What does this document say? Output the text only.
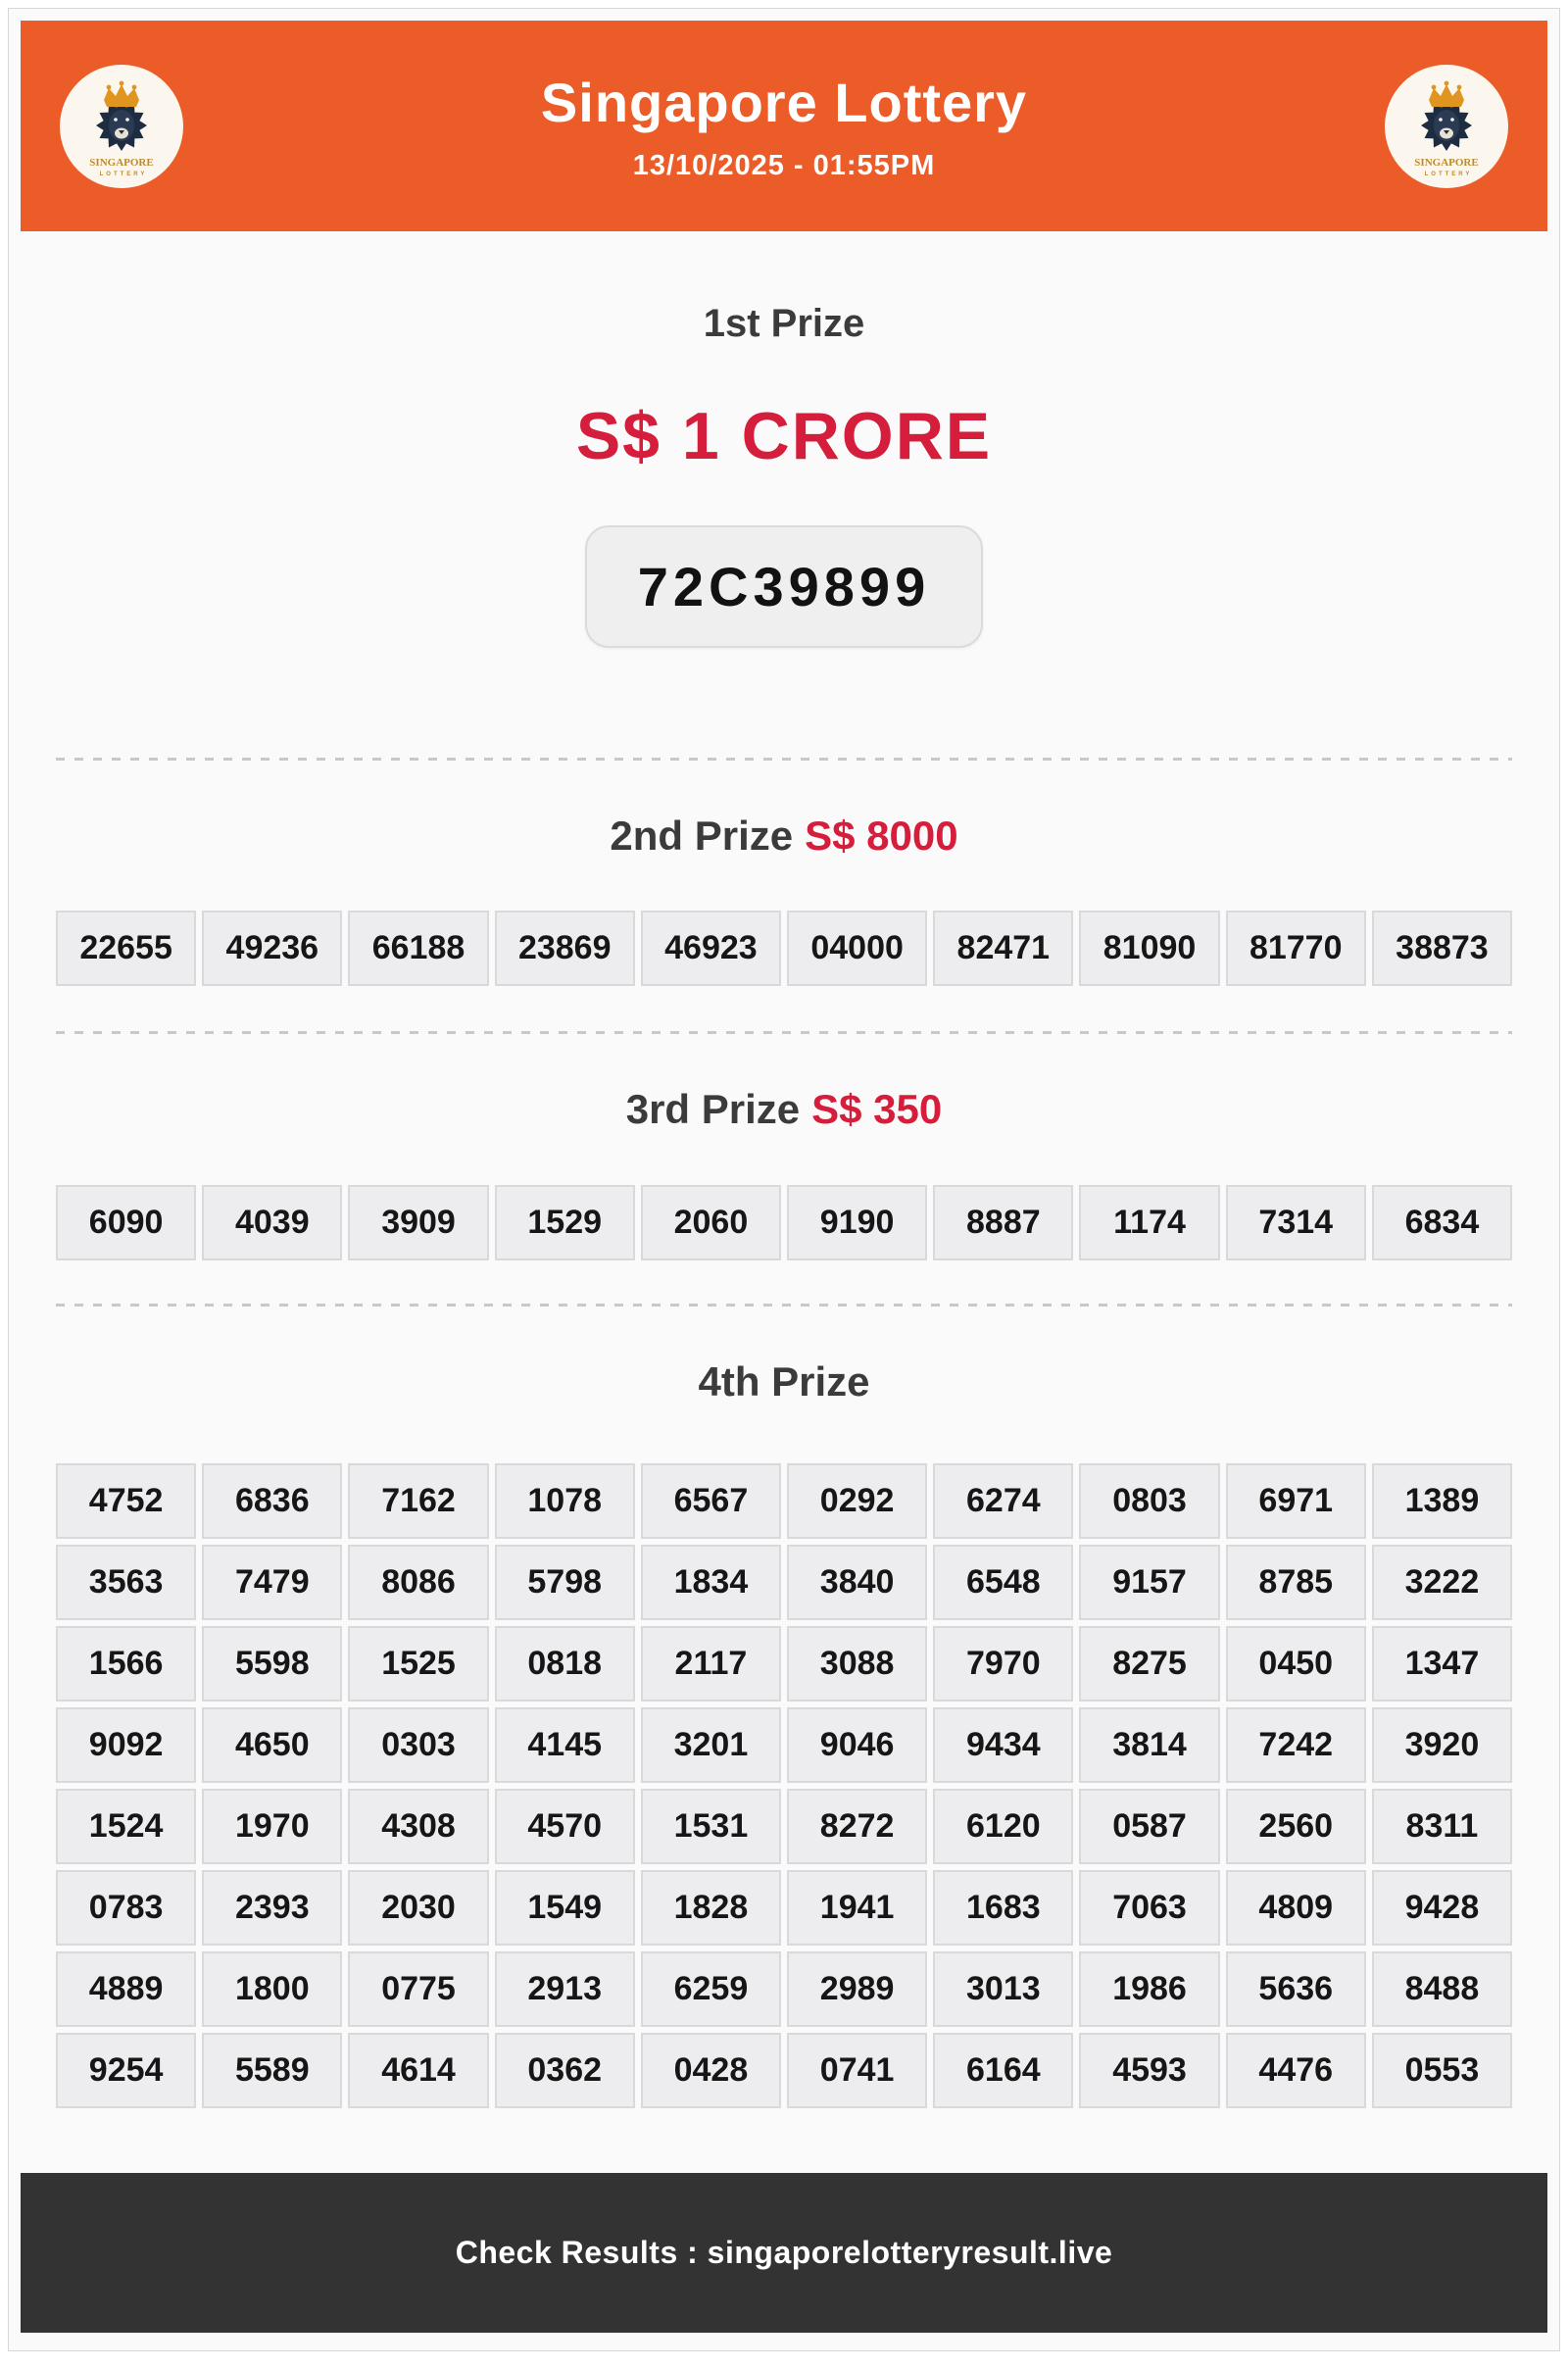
SINGAPORE
LOTTERY
Singapore Lottery
13/10/2025 - 01:55PM	SINGAPORE
LOTTERY
1st Prize
S$ 1 CRORE
72C39899
2nd Prize S$ 8000
22655	49236	66188	23869	46923	04000	82471	81090	81770	38873
3rd Prize S$ 350
6090	4039	3909	1529	2060	9190	8887	1174	7314	6834
4th Prize
4752	6836	7162	1078	6567	0292	6274	0803	6971	1389
3563	7479	8086	5798	1834	3840	6548	9157	8785	3222
1566	5598	1525	0818	2117	3088	7970	8275	0450	1347
9092	4650	0303	4145	3201	9046	9434	3814	7242	3920
1524	1970	4308	4570	1531	8272	6120	0587	2560	8311
0783	2393	2030	1549	1828	1941	1683	7063	4809	9428
4889	1800	0775	2913	6259	2989	3013	1986	5636	8488
9254	5589	4614	0362	0428	0741	6164	4593	4476	0553
Check Results : singaporelotteryresult.live
